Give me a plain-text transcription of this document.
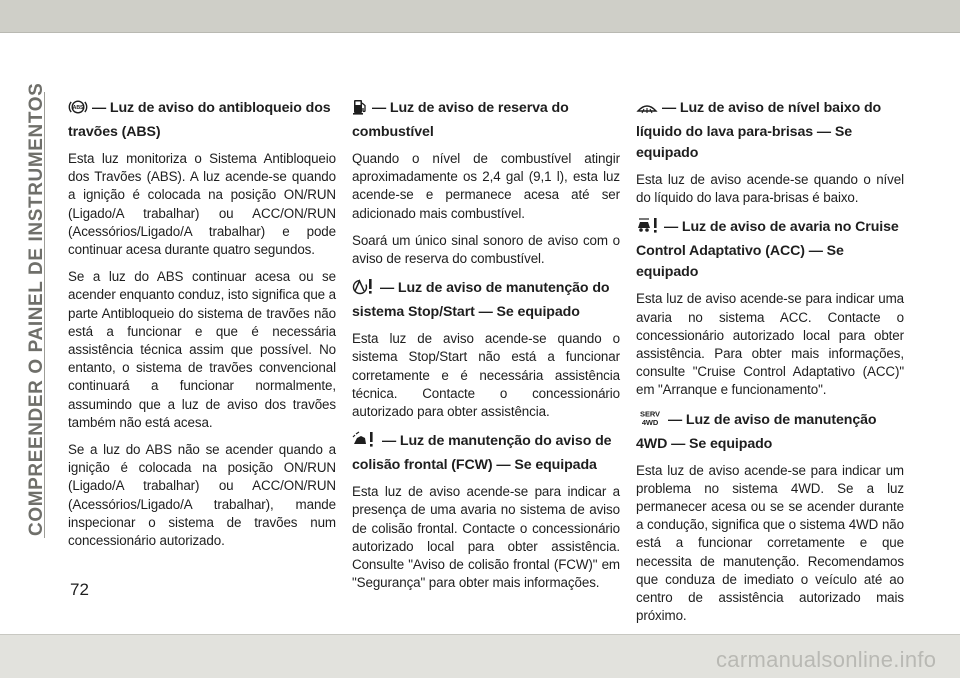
COMPREENDER O PAINEL DE INSTRUMENTOS	ABS — Luz de aviso do antibloqueio dos travões (ABS)

Esta luz monitoriza o Sistema Antibloqueio dos Travões (ABS). A luz acende-se quando a ignição é colocada na posição ON/RUN (Ligado/A trabalhar) ou ACC/ON/RUN (Acessórios/Ligado/A trabalhar) e pode continuar acesa durante quatro segundos.

Se a luz do ABS continuar acesa ou se acender enquanto conduz, isto significa que a parte Antibloqueio do sistema de travões não está a funcionar e que é necessária assistência técnica assim que possível. No entanto, o sistema de travões convencional continuará a funcionar normalmente, assumindo que a luz de aviso dos travões também não está acesa.

Se a luz do ABS não se acender quando a ignição é colocada na posição ON/RUN (Ligado/A trabalhar) ou ACC/ON/RUN (Acessórios/Ligado/A trabalhar), mande inspecionar o sistema de travões num concessionário autorizado.

— Luz de aviso de reserva do combustível

Quando o nível de combustível atingir aproximadamente os 2,4 gal (9,1 l), esta luz acende-se e permanece acesa até ser adicionado mais combustível.

Soará um único sinal sonoro de aviso com o aviso de reserva do combustível.

— Luz de aviso de manutenção do sistema Stop/Start — Se equipado

Esta luz de aviso acende-se quando o sistema Stop/Start não está a funcionar corretamente e é necessária assistência técnica. Contacte o concessionário autorizado para obter assistência.

— Luz de manutenção do aviso de colisão frontal (FCW) — Se equipada

Esta luz de aviso acende-se para indicar a presença de uma avaria no sistema de aviso de colisão frontal. Contacte o concessionário autorizado local para obter assistência. Consulte "Aviso de colisão frontal (FCW)" em "Segurança" para obter mais informações.

— Luz de aviso de nível baixo do líquido do lava para-brisas — Se equipado

Esta luz de aviso acende-se quando o nível do líquido do lava para-brisas é baixo.

— Luz de aviso de avaria no Cruise Control Adaptativo (ACC) — Se equipado

Esta luz de aviso acende-se para indicar uma avaria no sistema ACC. Contacte o concessionário autorizado local para obter assistência. Para obter mais informações, consulte "Cruise Control Adaptativo (ACC)" em "Arranque e funcionamento".

SERV
4WD — Luz de aviso de manutenção 4WD — Se equipado

Esta luz de aviso acende-se para indicar um problema no sistema 4WD. Se a luz permanecer acesa ou se se acender durante a condução, significa que o sistema 4WD não está a funcionar corretamente e que necessita de manutenção. Recomendamos que conduza de imediato o veículo até ao centro de assistência autorizado mais próximo.

72
carmanualsonline.info
